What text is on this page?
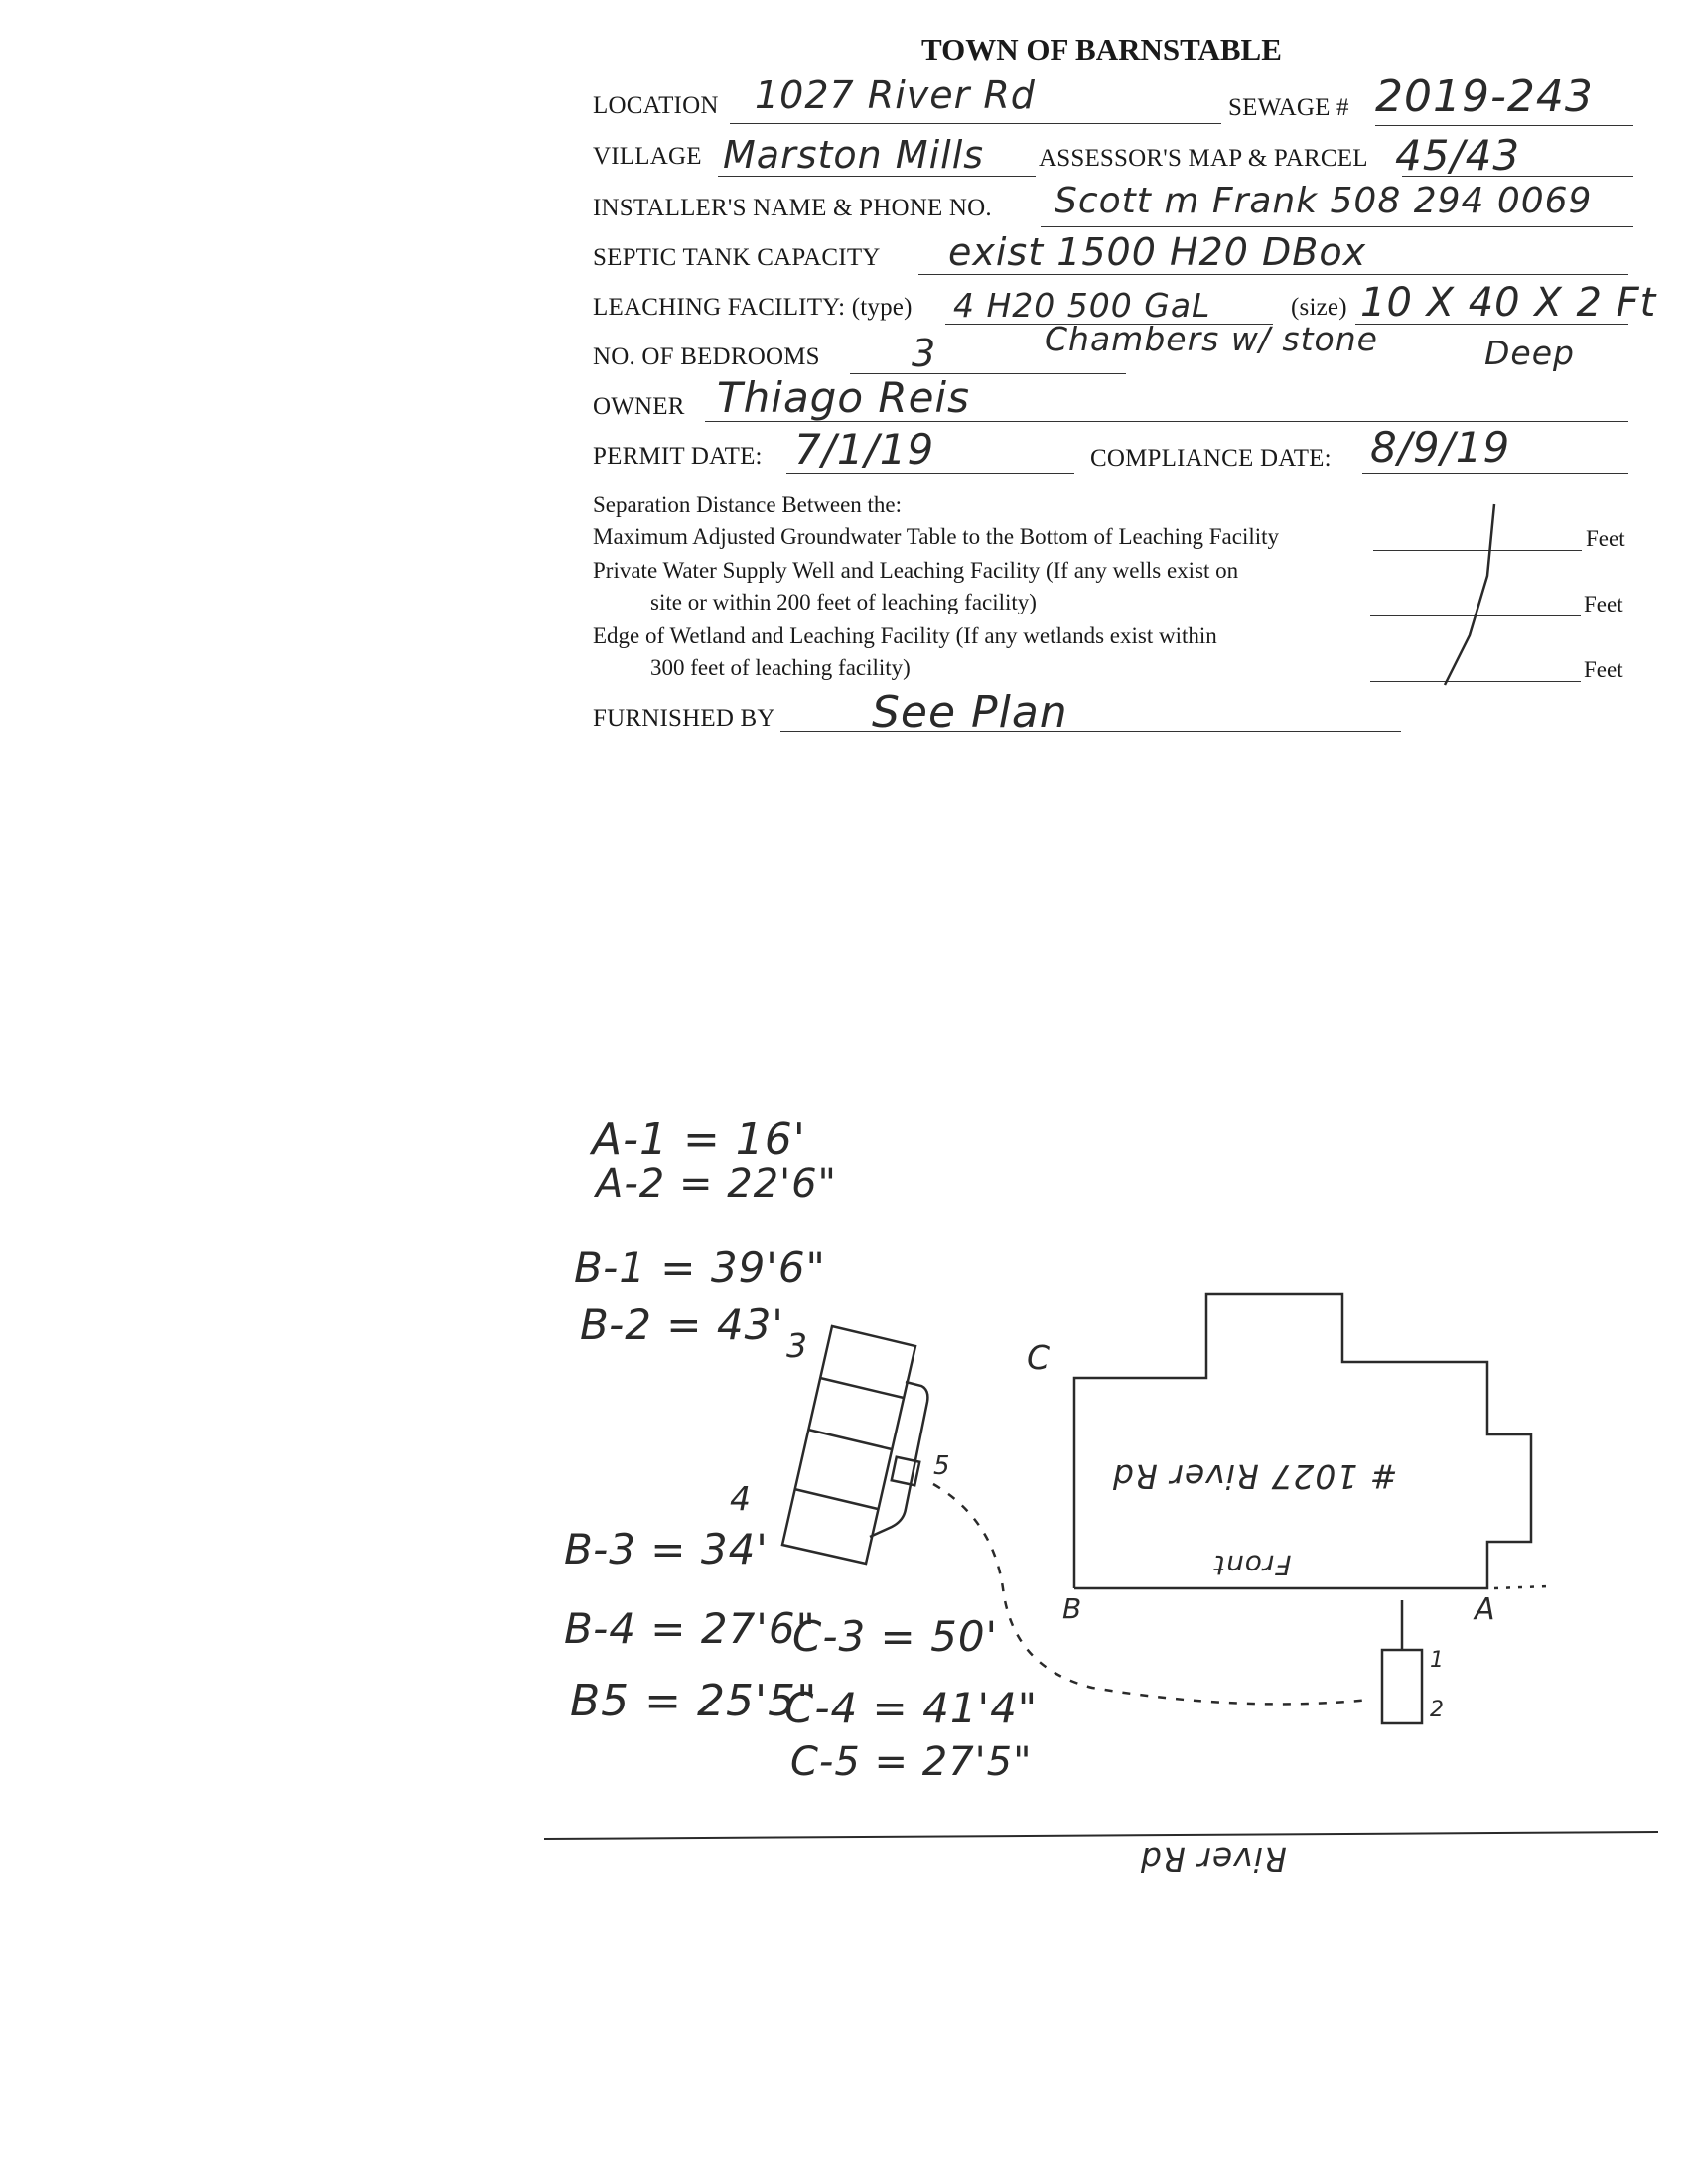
TOWN OF BARNSTABLE
LOCATION 1027 River Rd	SEWAGE # 2019-243
VILLAGE Marston Mills ASSESSOR'S MAP & PARCEL 45/43
INSTALLER'S NAME & PHONE NO. Scott m Frank 508 294 0069
SEPTIC TANK CAPACITY exist 1500 H20 DBox
LEACHING FACILITY: (type) 4 H20 500 GaL	(size) 10 X 40 X 2 Ft
NO. OF BEDROOMS 3	Chambers w/ stone	Deep
OWNER Thiago Reis
PERMIT DATE: 7/1/19	COMPLIANCE DATE: 8/9/19
Separation Distance Between the:
Maximum Adjusted Groundwater Table to the Bottom of Leaching Facility	Feet
Private Water Supply Well and Leaching Facility (If any wells exist on
site or within 200 feet of leaching facility)	Feet
Edge of Wetland and Leaching Facility (If any wetlands exist within
300 feet of leaching facility)	Feet
FURNISHED BY See Plan
A-1 = 16'
A-2 = 22'6"
B-1 = 39'6"
B-2 = 43'
B-3 = 34'
B-4 = 27'6"
C-3 = 50'
B5 = 25'5"
C-4 = 41'4"
C-5 = 27'5"
3
4
5
C
B	A
1
2
# 1027 River Rd
Front
River Rd
